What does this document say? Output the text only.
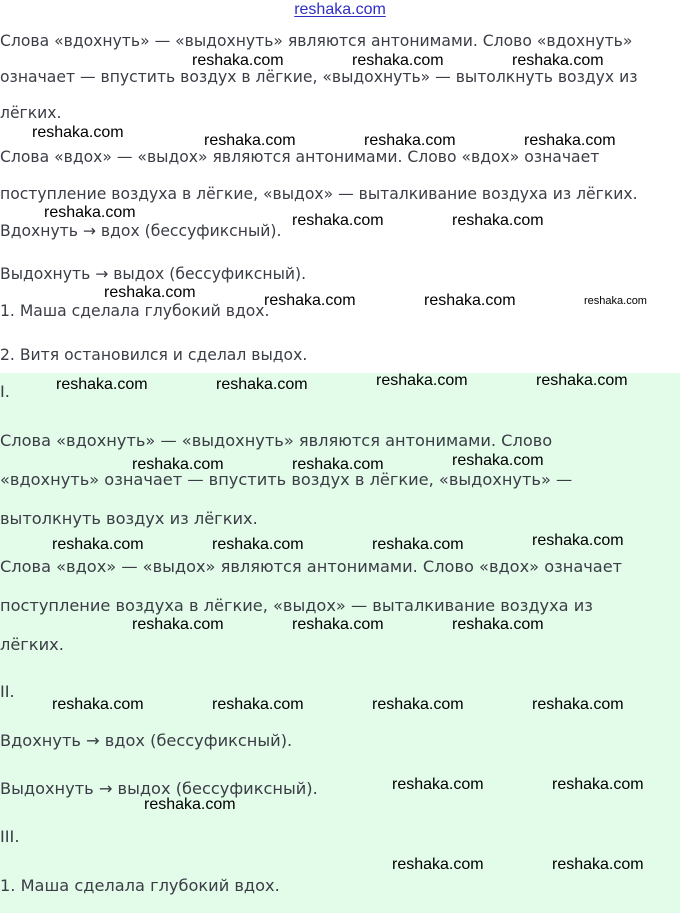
reshaka.com

Слова «вдохнуть» — «выдохнуть» являются антонимами. Слово «вдохнуть»

означает — впустить воздух в лёгкие, «выдохнуть» — вытолкнуть воздух из

лёгких.

Слова «вдох» — «выдох» являются антонимами. Слово «вдох» означает

поступление воздуха в лёгкие, «выдох» — выталкивание воздуха из лёгких.

Вдохнуть → вдох (бессуфиксный).

Выдохнуть → выдох (бессуфиксный).

1. Маша сделала глубокий вдох.

2. Витя остановился и сделал выдох.

I.

Слова «вдохнуть» — «выдохнуть» являются антонимами. Слово

«вдохнуть» означает — впустить воздух в лёгкие, «выдохнуть» —

вытолкнуть воздух из лёгких.

Слова «вдох» — «выдох» являются антонимами. Слово «вдох» означает

поступление воздуха в лёгкие, «выдох» — выталкивание воздуха из

лёгких.

II.

Вдохнуть → вдох (бессуфиксный).

Выдохнуть → выдох (бессуфиксный).

III.

1. Маша сделала глубокий вдох.

reshaka.com	reshaka.com	reshaka.com
reshaka.com	reshaka.com	reshaka.com	reshaka.com
reshaka.com	reshaka.com	reshaka.com
reshaka.com	reshaka.com	reshaka.com	reshaka.com
reshaka.com	reshaka.com	reshaka.com	reshaka.com
reshaka.com	reshaka.com	reshaka.com
reshaka.com	reshaka.com	reshaka.com	reshaka.com
reshaka.com	reshaka.com	reshaka.com
reshaka.com	reshaka.com	reshaka.com	reshaka.com
reshaka.com	reshaka.com
reshaka.com
reshaka.com	reshaka.com
